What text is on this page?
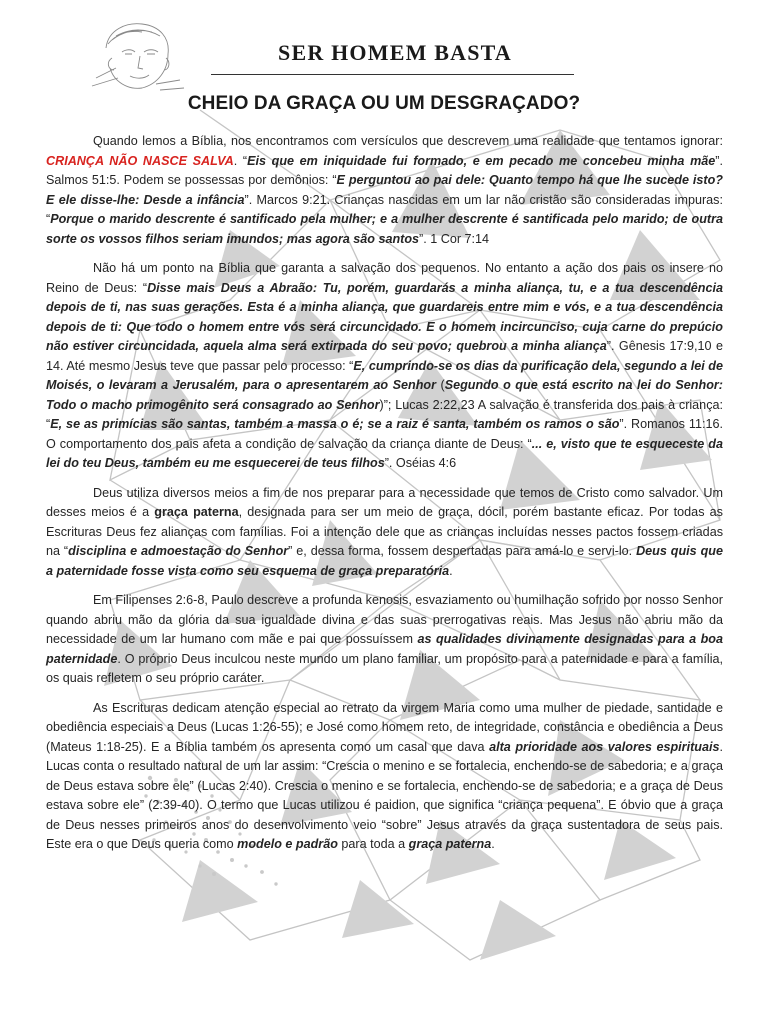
SER HOMEM BASTA
CHEIO DA GRAÇA OU UM DESGRAÇADO?

Quando lemos a Bíblia, nos encontramos com versículos que descrevem uma realidade que tentamos ignorar: CRIANÇA NÃO NASCE SALVA. “Eis que em iniquidade fui formado, e em pecado me concebeu minha mãe”. Salmos 51:5. Podem se possessas por demônios: “E perguntou ao pai dele: Quanto tempo há que lhe sucede isto? E ele disse-lhe: Desde a infância”. Marcos 9:21. Crianças nascidas em um lar não cristão são consideradas impuras: “Porque o marido descrente é santificado pela mulher; e a mulher descrente é santificada pelo marido; de outra sorte os vossos filhos seriam imundos; mas agora são santos”. 1 Cor 7:14

Não há um ponto na Bíblia que garanta a salvação dos pequenos. No entanto a ação dos pais os insere no Reino de Deus: “Disse mais Deus a Abraão: Tu, porém, guardarás a minha aliança, tu, e a tua descendência depois de ti, nas suas gerações. Esta é a minha aliança, que guardareis entre mim e vós, e a tua descendência depois de ti: Que todo o homem entre vós será circuncidado. E o homem incircunciso, cuja carne do prepúcio não estiver circuncidada, aquela alma será extirpada do seu povo; quebrou a minha aliança”. Gênesis 17:9,10 e 14. Até mesmo Jesus teve que passar pelo processo: “E, cumprindo-se os dias da purificação dela, segundo a lei de Moisés, o levaram a Jerusalém, para o apresentarem ao Senhor (Segundo o que está escrito na lei do Senhor: Todo o macho primogênito será consagrado ao Senhor)”; Lucas 2:22,23 A salvação é transferida dos pais à criança: “E, se as primícias são santas, também a massa o é; se a raiz é santa, também os ramos o são”. Romanos 11:16. O comportamento dos pais afeta a condição de salvação da criança diante de Deus: “... e, visto que te esqueceste da lei do teu Deus, também eu me esquecerei de teus filhos”. Oséias 4:6

Deus utiliza diversos meios a fim de nos preparar para a necessidade que temos de Cristo como salvador. Um desses meios é a graça paterna, designada para ser um meio de graça, dócil, porém bastante eficaz. Por todas as Escrituras Deus fez alianças com famílias. Foi a intenção dele que as crianças incluídas nesses pactos fossem criadas na “disciplina e admoestação do Senhor” e, dessa forma, fossem despertadas para amá-lo e servi-lo. Deus quis que a paternidade fosse vista como seu esquema de graça preparatória.

Em Filipenses 2:6-8, Paulo descreve a profunda kenosis, esvaziamento ou humilhação sofrido por nosso Senhor quando abriu mão da glória da sua igualdade divina e das suas prerrogativas reais. Mas Jesus não abriu mão da necessidade de um lar humano com mãe e pai que possuíssem as qualidades divinamente designadas para a boa paternidade. O próprio Deus inculcou neste mundo um plano familiar, um propósito para a paternidade e para a família, os quais refletem o seu próprio caráter.

As Escrituras dedicam atenção especial ao retrato da virgem Maria como uma mulher de piedade, santidade e obediência especiais a Deus (Lucas 1:26-55); e José como homem reto, de integridade, constância e obediência a Deus (Mateus 1:18-25). E a Bíblia também os apresenta como um casal que dava alta prioridade aos valores espirituais. Lucas conta o resultado natural de um lar assim: “Crescia o menino e se fortalecia, enchendo-se de sabedoria; e a graça de Deus estava sobre ele” (Lucas 2:40). Crescia o menino e se fortalecia, enchendo-se de sabedoria; e a graça de Deus estava sobre ele” (2:39-40). O termo que Lucas utilizou é paidion, que significa “criança pequena”. E óbvio que a graça de Deus nesses primeiros anos do desenvolvimento veio “sobre” Jesus através da graça sustentadora de seus pais. Este era o que Deus queria como modelo e padrão para toda a graça paterna.
